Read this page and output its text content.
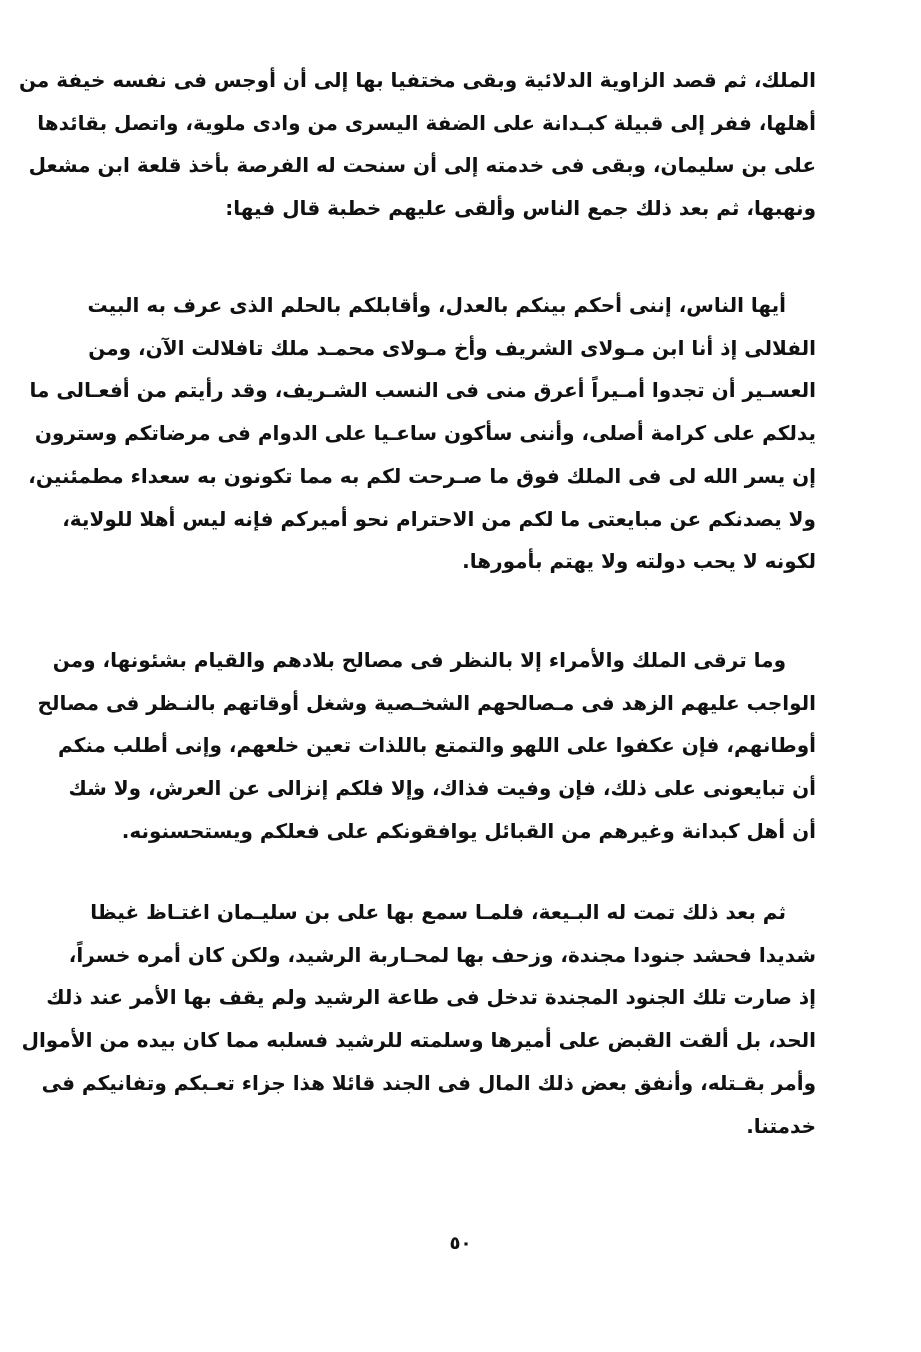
الملك، ثم قصد الزاوية الدلائية وبقى مختفيا بها إلى أن أوجس فى نفسه خيفة من
أهلها، ففر إلى قبيلة كبـدانة على الضفة اليسرى من وادى ملوية، واتصل بقائدها
على بن سليمان، وبقى فى خدمته إلى أن سنحت له الفرصة بأخذ قلعة ابن مشعل
ونهبها، ثم بعد ذلك جمع الناس وألقى عليهم خطبة قال فيها:
أيها الناس، إننى أحكم بينكم بالعدل، وأقابلكم بالحلم الذى عرف به البيت
الفلالى إذ أنا ابن مـولاى الشريف وأخ مـولاى محمـد ملك تافلالت الآن، ومن
العسـير أن تجدوا أمـيراً أعرق منى فى النسب الشـريف، وقد رأيتم من أفعـالى ما
يدلكم على كرامة أصلى، وأننى سأكون ساعـيا على الدوام فى مرضاتكم وسترون
إن يسر الله لى فى الملك فوق ما صـرحت لكم به مما تكونون به سعداء مطمئنين،
ولا يصدنكم عن مبايعتى ما لكم من الاحترام نحو أميركم فإنه ليس أهلا للولاية،
لكونه لا يحب دولته ولا يهتم بأمورها.
وما ترقى الملك والأمراء إلا بالنظر فى مصالح بلادهم والقيام بشئونها، ومن
الواجب عليهم الزهد فى مـصالحهم الشخـصية وشغل أوقاتهم بالنـظر فى مصالح
أوطانهم، فإن عكفوا على اللهو والتمتع باللذات تعين خلعهم، وإنى أطلب منكم
أن تبايعونى على ذلك، فإن وفيت فذاك، وإلا فلكم إنزالى عن العرش، ولا شك
أن أهل كبدانة وغيرهم من القبائل يوافقونكم على فعلكم ويستحسنونه.
ثم بعد ذلك تمت له البـيعة، فلمـا سمع بها على بن سليـمان اغتـاظ غيظا
شديدا فحشد جنودا مجندة، وزحف بها لمحـاربة الرشيد، ولكن كان أمره خسراً،
إذ صارت تلك الجنود المجندة تدخل فى طاعة الرشيد ولم يقف بها الأمر عند ذلك
الحد، بل ألقت القبض على أميرها وسلمته للرشيد فسلبه مما كان بيده من الأموال
وأمر بقـتله، وأنفق بعض ذلك المال فى الجند قائلا هذا جزاء تعـبكم وتفانيكم فى
خدمتنا.
٥٠
